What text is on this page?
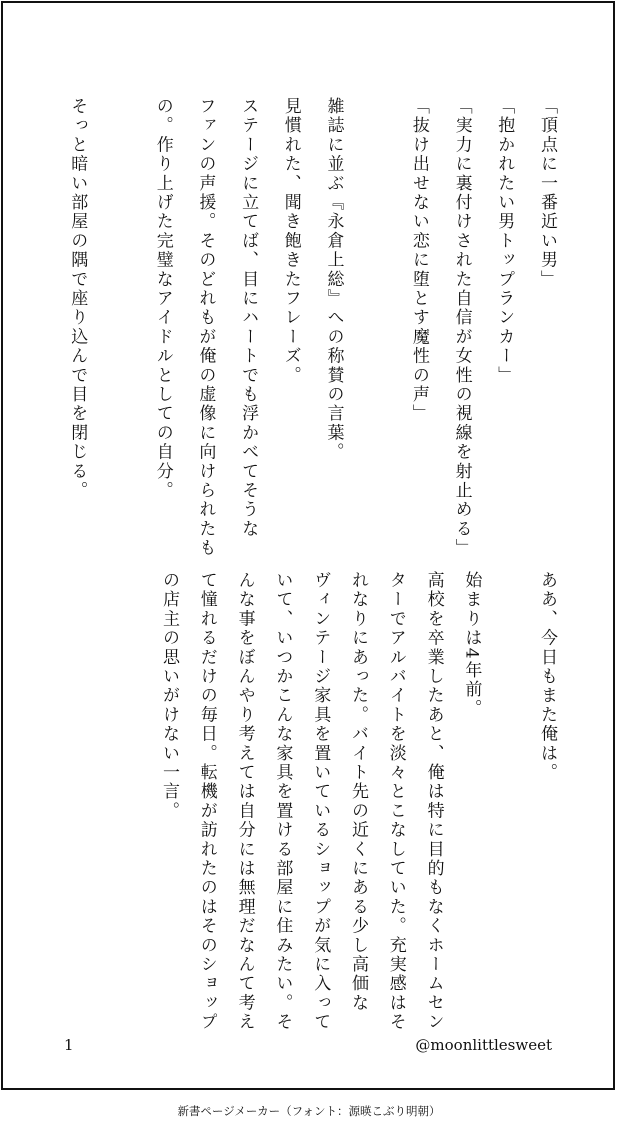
「頂点に一番近い男」
「抱かれたい男トップランカー」
「実力に裏付けされた自信が女性の視線を射止める」
「抜け出せない恋に堕とす魔性の声」
雑誌に並ぶ『永倉上総』への称賛の言葉。
見慣れた、聞き飽きたフレーズ。
ステージに立てば、目にハートでも浮かべてそうな
ファンの声援。そのどれもが俺の虚像に向けられたも
の。作り上げた完璧なアイドルとしての自分。
そっと暗い部屋の隅で座り込んで目を閉じる。
ああ、今日もまた俺は。
始まりは4年前。
高校を卒業したあと、俺は特に目的もなくホームセン
ターでアルバイトを淡々とこなしていた。充実感はそ
れなりにあった。バイト先の近くにある少し高価な
ヴィンテージ家具を置いているショップが気に入って
いて、いつかこんな家具を置ける部屋に住みたい。そ
んな事をぼんやり考えては自分には無理だなんて考え
て憧れるだけの毎日。転機が訪れたのはそのショップ
の店主の思いがけない一言。
1	@moonlittlesweet
新書ページメーカー（フォント：源暎こぶり明朝）
